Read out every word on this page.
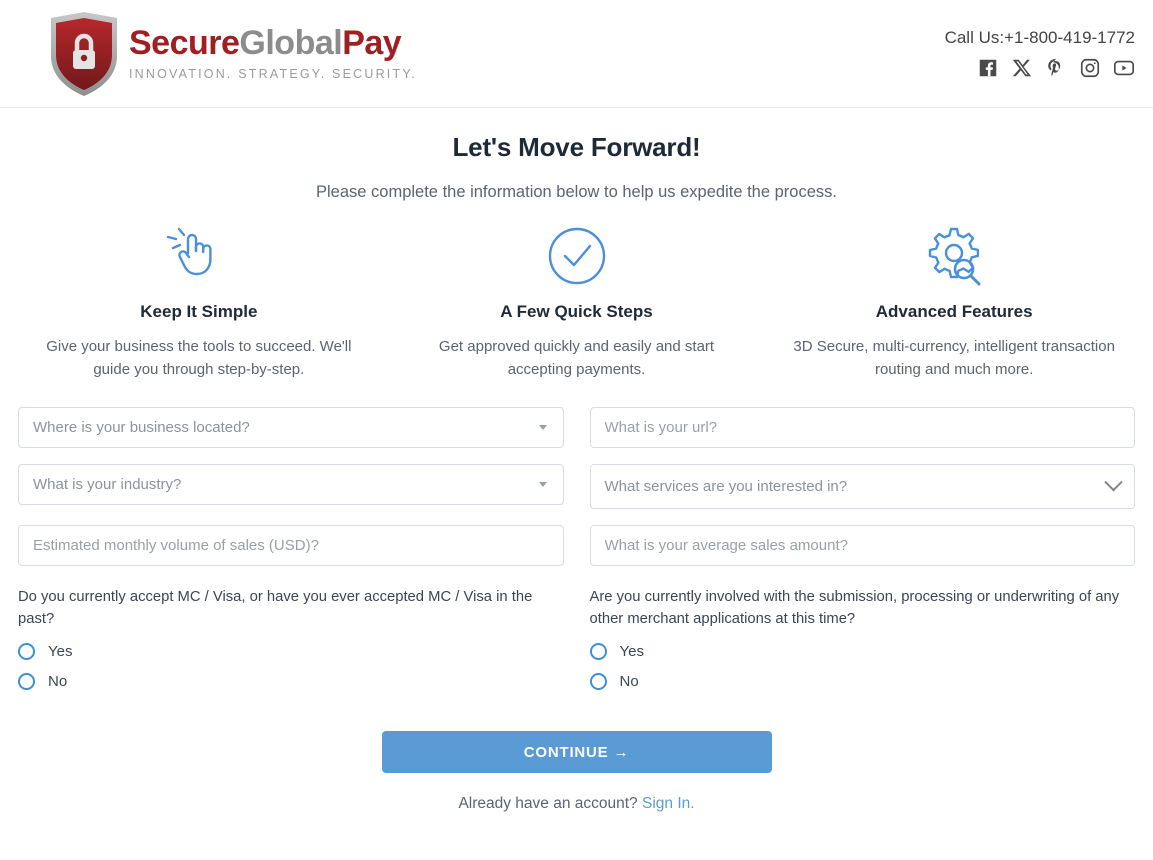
SecureGlobalPay
INNOVATION. STRATEGY. SECURITY.
Call Us:+1-800-419-1772
Let's Move Forward!
Please complete the information below to help us expedite the process.
Keep It Simple
Give your business the tools to succeed. We'll guide you through step-by-step.
A Few Quick Steps
Get approved quickly and easily and start accepting payments.
Advanced Features
3D Secure, multi-currency, intelligent transaction routing and much more.
Where is your business located?
What is your url?
What is your industry?	What services are you interested in?
Estimated monthly volume of sales (USD)?
What is your average sales amount?
Do you currently accept MC / Visa, or have you ever accepted MC / Visa in the past?
Yes
No
Are you currently involved with the submission, processing or underwriting of any other merchant applications at this time?
Yes
No
CONTINUE →
Already have an account? Sign In.
